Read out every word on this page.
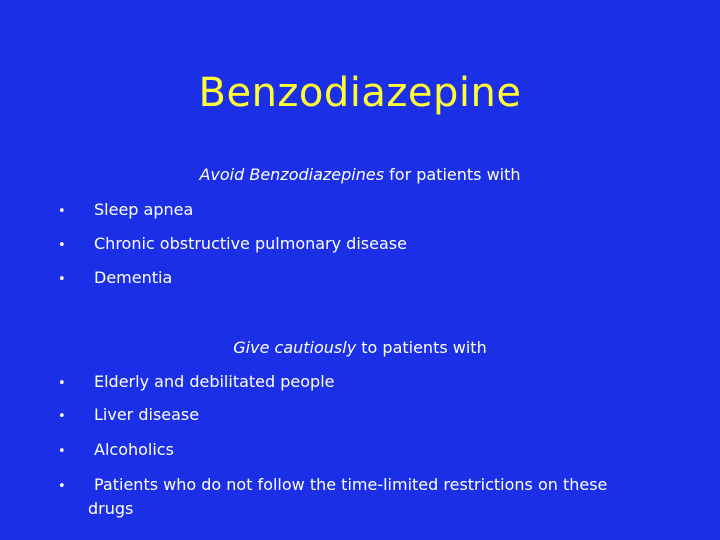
Benzodiazepine
Avoid Benzodiazepines for patients with
•	Sleep apnea
•	Chronic obstructive pulmonary disease
•	Dementia
Give cautiously to patients with
•	Elderly and debilitated people
•	Liver disease
•	Alcoholics
• Patients who do not follow the time-limited restrictions on these
drugs
